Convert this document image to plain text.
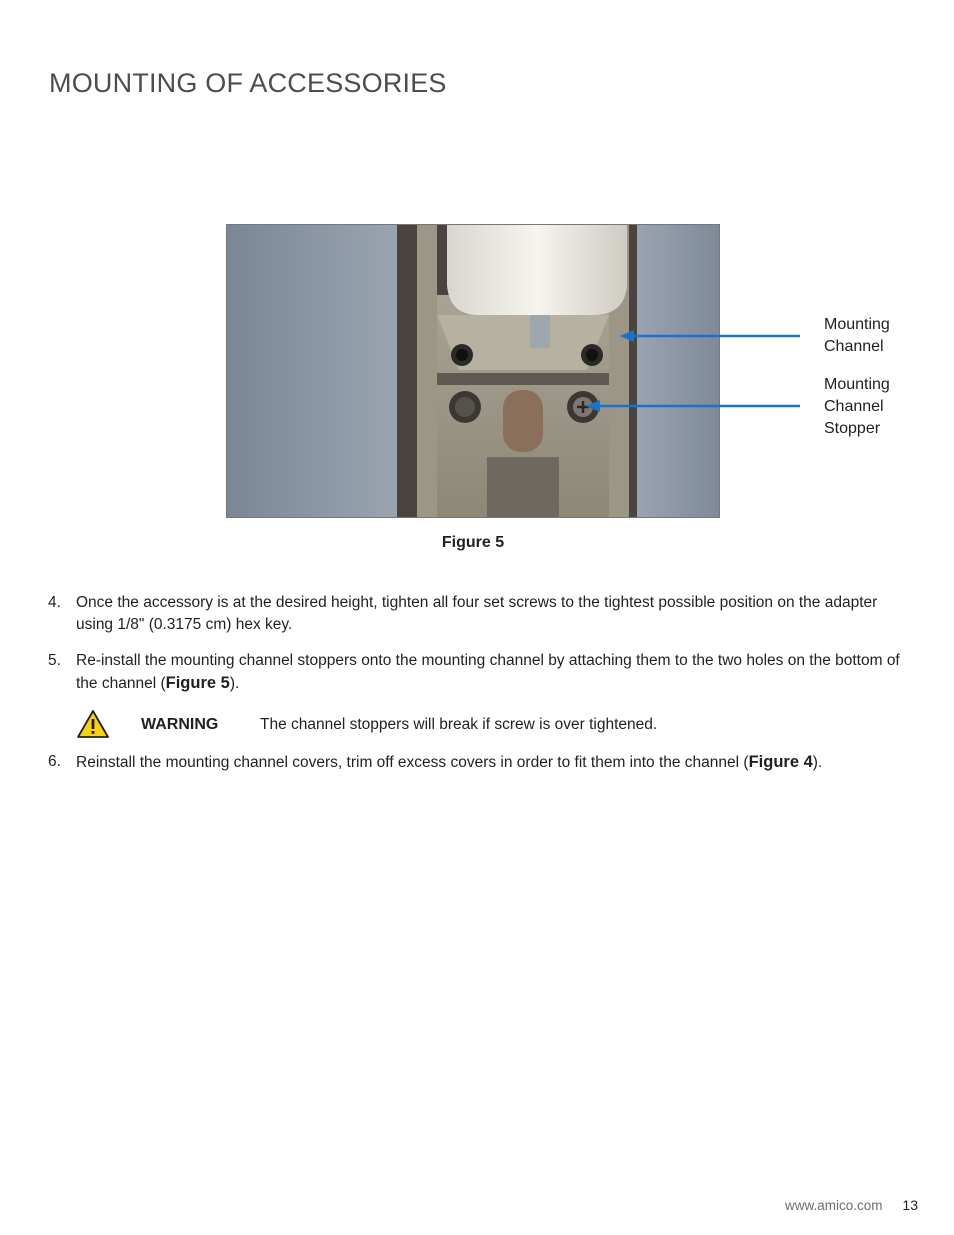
MOUNTING OF ACCESSORIES
Mounting
Channel
Mounting
Channel
Stopper
Figure 5
4. Once the accessory is at the desired height, tighten all four set screws to the tightest possible position on the adapter using 1/8" (0.3175 cm) hex key.
5. Re-install the mounting channel stoppers onto the mounting channel by attaching them to the two holes on the bottom of the channel (Figure 5).
WARNING	The channel stoppers will break if screw is over tightened.
6. Reinstall the mounting channel covers, trim off excess covers in order to fit them into the channel (Figure 4).
www.amico.com 13
